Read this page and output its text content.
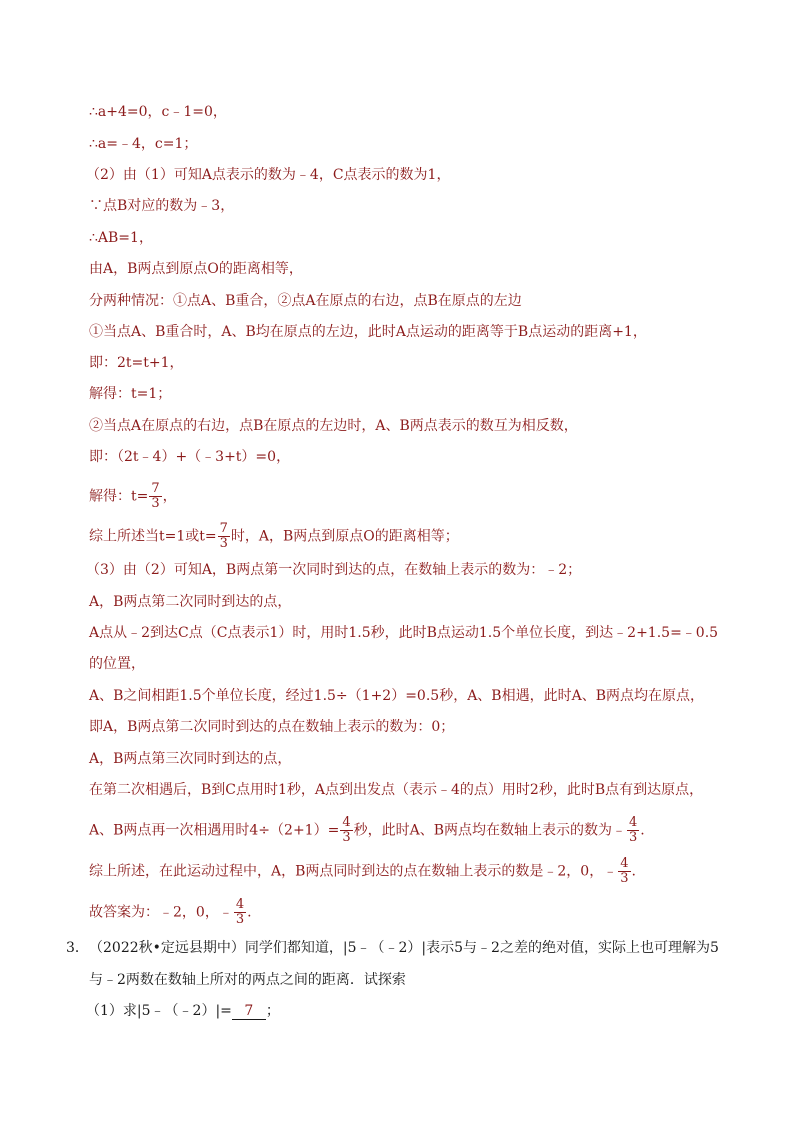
∴a+4=0，c﹣1=0，
∴a=﹣4，c=1；
（2）由（1）可知A点表示的数为﹣4，C点表示的数为1，
∵点B对应的数为﹣3，
∴AB=1，
由A，B两点到原点O的距离相等，
分两种情况：①点A、B重合，②点A在原点的右边，点B在原点的左边
①当点A、B重合时，A、B均在原点的左边，此时A点运动的距离等于B点运动的距离+1，
即：2t=t+1，
解得：t=1；
②当点A在原点的右边，点B在原点的左边时，A、B两点表示的数互为相反数，
即：（2t﹣4）+（﹣3+t）=0，
解得：$t= \frac{7}{3}$ ，
综上所述当t=1或$t= \frac{7}{3}$ 时，A，B两点到原点O的距离相等；
（3）由（2）可知A，B两点第一次同时到达的点，在数轴上表示的数为：﹣2；
A，B两点第二次同时到达的点，
A点从﹣2到达C点（C点表示1）时，用时1.5秒，此时B点运动1.5个单位长度，到达﹣2+1.5=﹣0.5
的位置，
A、B之间相距1.5个单位长度，经过1.5÷（1+2）=0.5秒，A、B相遇，此时A、B两点均在原点，
即A，B两点第二次同时到达的点在数轴上表示的数为：0；
A，B两点第三次同时到达的点，
在第二次相遇后，B到C点用时1秒，A点到出发点（表示﹣4的点）用时2秒，此时B点有到达原点，
A、B两点再一次相遇用时$4\div(2+1)= \frac{4}{3}$ 秒，此时A、B两点均在数轴上表示的数为﹣ $\frac{4}{3}$ .
综上所述，在此运动过程中，A，B两点同时到达的点在数轴上表示的数是﹣2，0，﹣ $\frac{4}{3}$ .
故答案为：﹣2，0，﹣ $\frac{4}{3}$ .
3． （2022秋•定远县期中）同学们都知道，|5﹣（﹣2）|表示5与﹣2之差的绝对值，实际上也可理解为5
与﹣2两数在数轴上所对的两点之间的距离．试探索
（1）求|5﹣（﹣2）|= 7 ；
